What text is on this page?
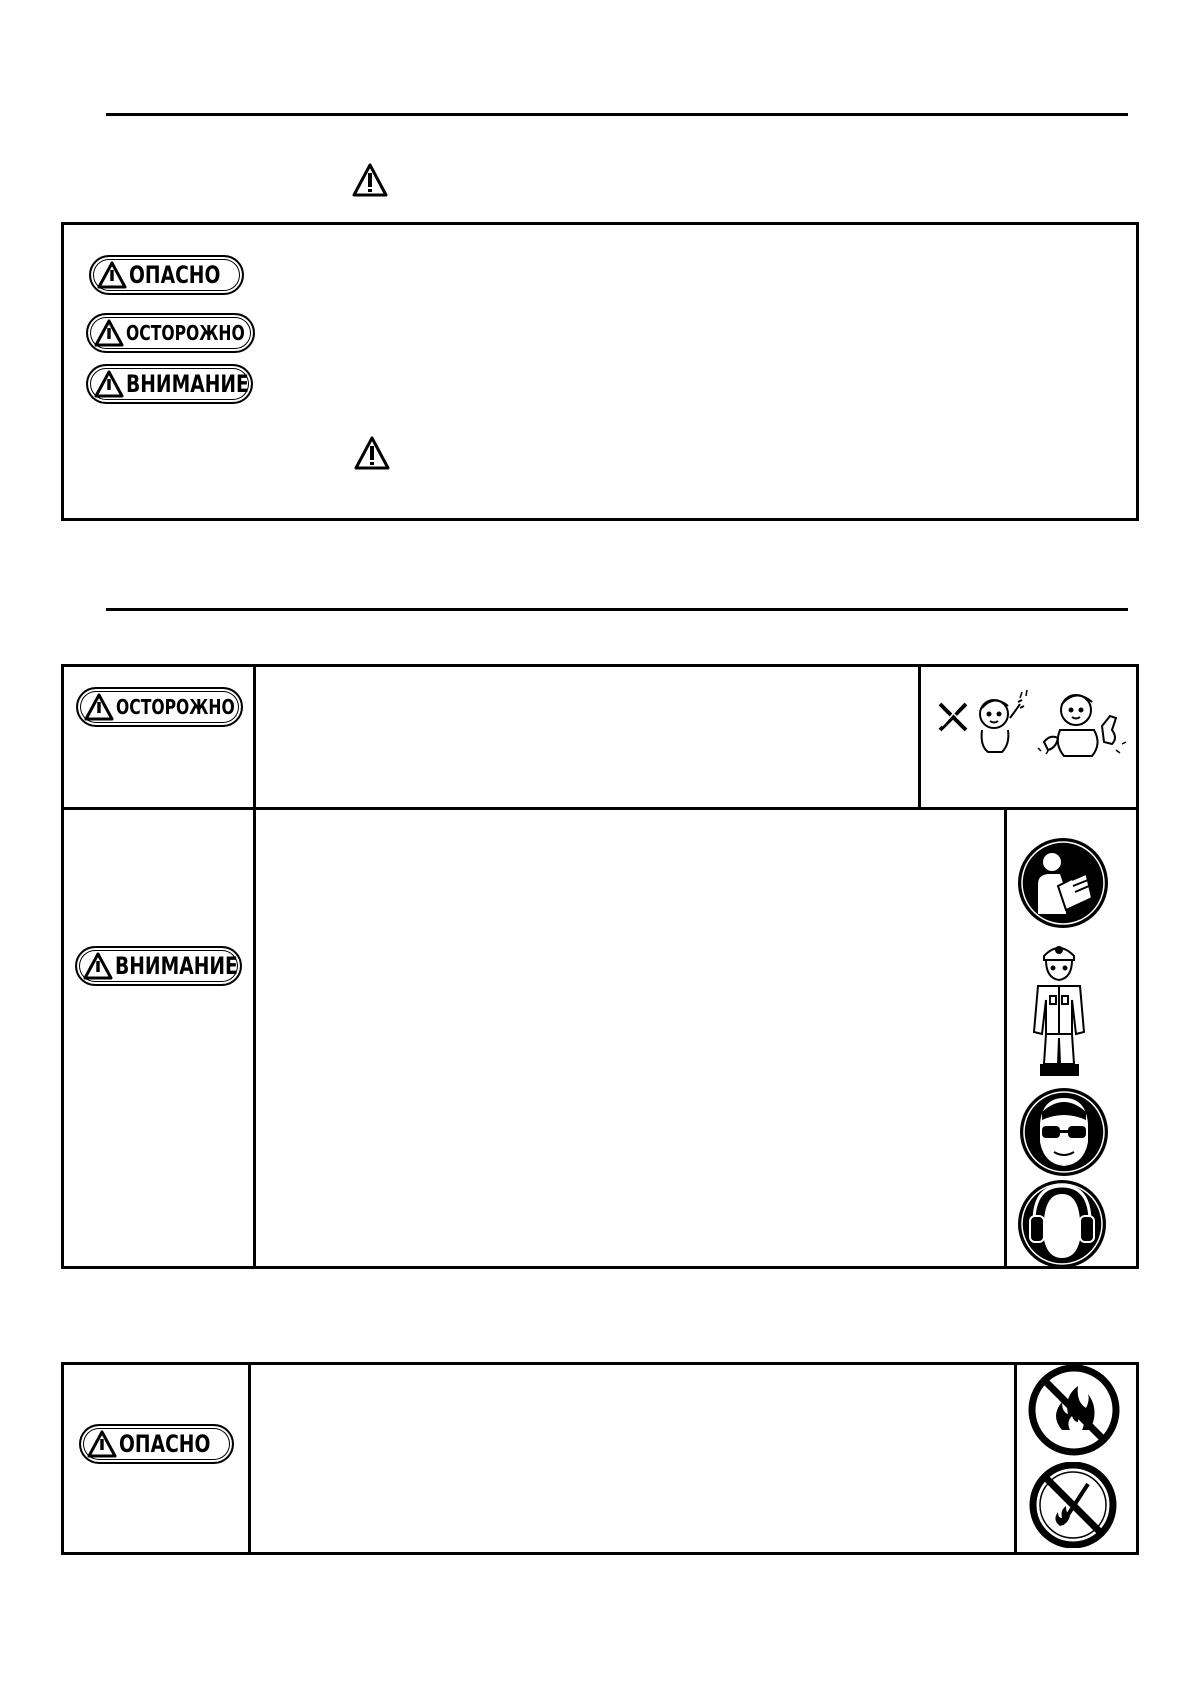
ОПАСНО
ОСТОРОЖНО
ВНИМАНИЕ
ОСТОРОЖНО
ВНИМАНИЕ
ОПАСНО
